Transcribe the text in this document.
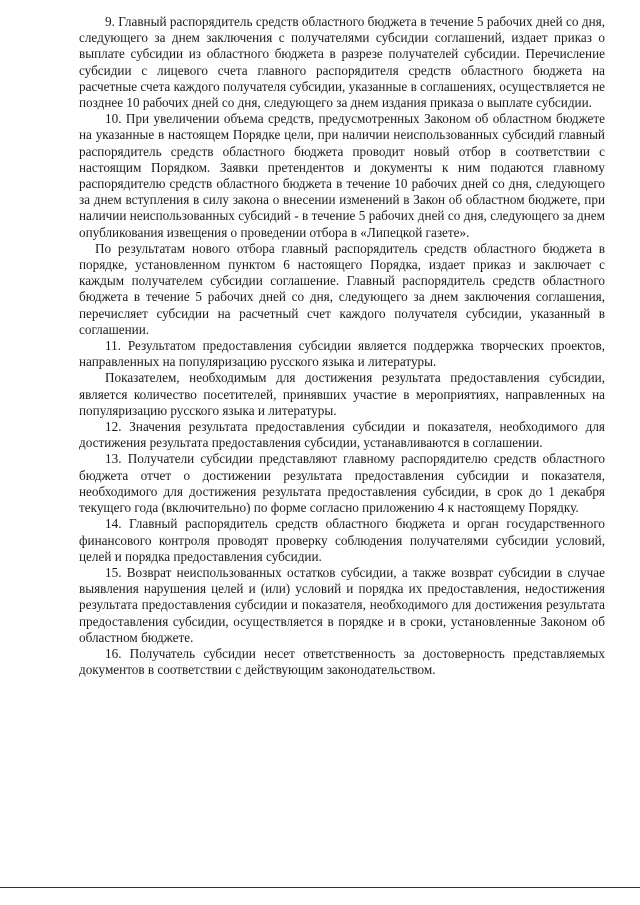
9. Главный распорядитель средств областного бюджета в течение 5 рабочих дней со дня, следующего за днем заключения с получателями субсидии соглашений, издает приказ о выплате субсидии из областного бюджета в разрезе получателей субсидии. Перечисление субсидии с лицевого счета главного распорядителя средств областного бюджета на расчетные счета каждого получателя субсидии, указанные в соглашениях, осуществляется не позднее 10 рабочих дней со дня, следующего за днем издания приказа о выплате субсидии.

10. При увеличении объема средств, предусмотренных Законом об областном бюджете на указанные в настоящем Порядке цели, при наличии неиспользованных субсидий главный распорядитель средств областного бюджета проводит новый отбор в соответствии с настоящим Порядком. Заявки претендентов и документы к ним подаются главному распорядителю средств областного бюджета в течение 10 рабочих дней со дня, следующего за днем вступления в силу закона о внесении изменений в Закон об областном бюджете, при наличии неиспользованных субсидий - в течение 5 рабочих дней со дня, следующего за днем опубликования извещения о проведении отбора в «Липецкой газете».

По результатам нового отбора главный распорядитель средств областного бюджета в порядке, установленном пунктом 6 настоящего Порядка, издает приказ и заключает с каждым получателем субсидии соглашение. Главный распорядитель средств областного бюджета в течение 5 рабочих дней со дня, следующего за днем заключения соглашения, перечисляет субсидии на расчетный счет каждого получателя субсидии, указанный в соглашении.

11. Результатом предоставления субсидии является поддержка творческих проектов, направленных на популяризацию русского языка и литературы.

Показателем, необходимым для достижения результата предоставления субсидии, является количество посетителей, принявших участие в мероприятиях, направленных на популяризацию русского языка и литературы.

12. Значения результата предоставления субсидии и показателя, необходимого для достижения результата предоставления субсидии, устанавливаются в соглашении.

13. Получатели субсидии представляют главному распорядителю средств областного бюджета отчет о достижении результата предоставления субсидии и показателя, необходимого для достижения результата предоставления субсидии, в срок до 1 декабря текущего года (включительно) по форме согласно приложению 4 к настоящему Порядку.

14. Главный распорядитель средств областного бюджета и орган государственного финансового контроля проводят проверку соблюдения получателями субсидии условий, целей и порядка предоставления субсидии.

15. Возврат неиспользованных остатков субсидии, а также возврат субсидии в случае выявления нарушения целей и (или) условий и порядка их предоставления, недостижения результата предоставления субсидии и показателя, необходимого для достижения результата предоставления субсидии, осуществляется в порядке и в сроки, установленные Законом об областном бюджете.

16. Получатель субсидии несет ответственность за достоверность представляемых документов в соответствии с действующим законодательством.
